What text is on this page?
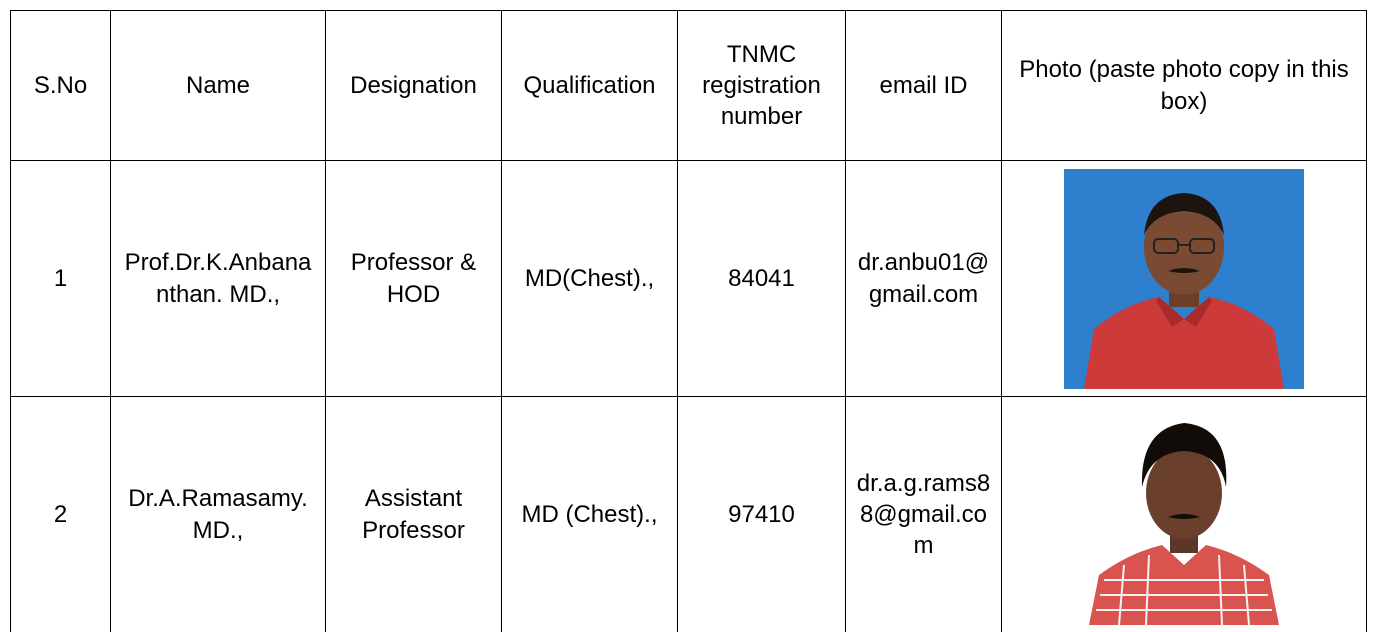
S.No	Name	Designation	Qualification	TNMC registration number	email ID	Photo (paste photo copy in this box)
1	Prof.Dr.K.Anbananthan. MD.,	Professor & HOD	MD(Chest).,	84041	dr.anbu01@gmail.com	

2	Dr.A.Ramasamy. MD.,	Assistant Professor	MD (Chest).,	97410	dr.a.g.rams88@gmail.com	
